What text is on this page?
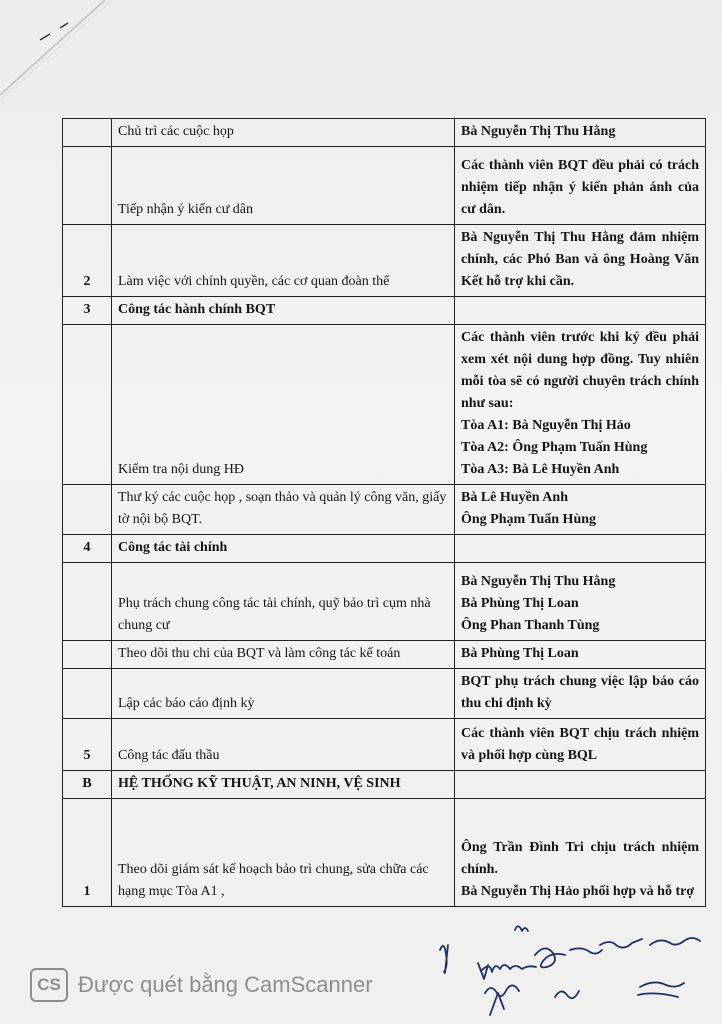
	Chủ trì các cuộc họp	Bà Nguyễn Thị Thu Hằng

	Tiếp nhận ý kiến cư dân	Các thành viên BQT đều phải có trách nhiệm tiếp nhận ý kiến phản ánh của cư dân.

2	Làm việc với chính quyền, các cơ quan đoàn thể	Bà Nguyễn Thị Thu Hằng đảm nhiệm chính, các Phó Ban và ông Hoàng Văn Kết hỗ trợ khi cần.

3	Công tác hành chính BQT	
	Kiểm tra nội dung HĐ	Các thành viên trước khi ký đều phải xem xét nội dung hợp đồng. Tuy nhiên mỗi tòa sẽ có người chuyên trách chính như sau:
Tòa A1: Bà Nguyễn Thị Hảo
Tòa A2: Ông Phạm Tuấn Hùng
Tòa A3: Bà Lê Huyền Anh

	Thư ký các cuộc họp , soạn thảo và quản lý công văn, giấy tờ nội bộ BQT.	Bà Lê Huyền Anh
Ông Phạm Tuấn Hùng

4	Công tác tài chính	
	Phụ trách chung công tác tài chính, quỹ bảo trì cụm nhà chung cư	Bà Nguyễn Thị Thu Hằng
Bà Phùng Thị Loan
Ông Phan Thanh Tùng

	Theo dõi thu chi của BQT và làm công tác kế toán	Bà Phùng Thị Loan

	Lập các báo cáo định kỳ	BQT phụ trách chung việc lập báo cáo thu chi định kỳ

5	Công tác đấu thầu	Các thành viên BQT chịu trách nhiệm và phối hợp cùng BQL

B	HỆ THỐNG KỸ THUẬT, AN NINH, VỆ SINH	
1	Theo dõi giám sát kế hoạch bảo trì chung, sửa chữa các hạng mục Tòa A1 ,	Ông Trần Đình Tri chịu trách nhiệm chính.
Bà Nguyễn Thị Hảo phối hợp và hỗ trợ
CS Được quét bằng CamScanner
